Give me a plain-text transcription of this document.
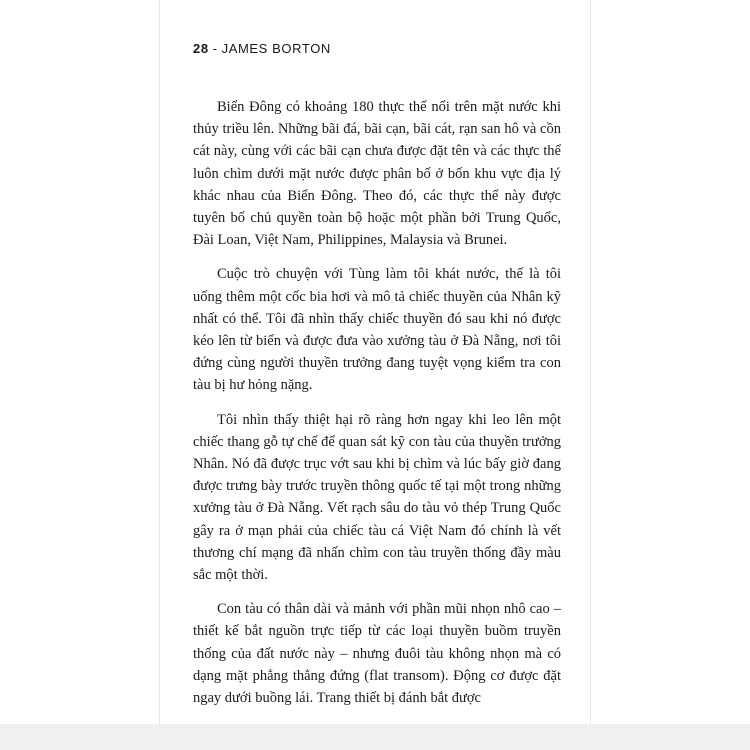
28 - JAMES BORTON

Biển Đông có khoảng 180 thực thể nổi trên mặt nước khi thủy triều lên. Những bãi đá, bãi cạn, bãi cát, rạn san hô và cồn cát này, cùng với các bãi cạn chưa được đặt tên và các thực thể luôn chìm dưới mặt nước được phân bố ở bốn khu vực địa lý khác nhau của Biển Đông. Theo đó, các thực thể này được tuyên bố chủ quyền toàn bộ hoặc một phần bởi Trung Quốc, Đài Loan, Việt Nam, Philippines, Malaysia và Brunei.

Cuộc trò chuyện với Tùng làm tôi khát nước, thế là tôi uống thêm một cốc bia hơi và mô tả chiếc thuyền của Nhân kỹ nhất có thể. Tôi đã nhìn thấy chiếc thuyền đó sau khi nó được kéo lên từ biển và được đưa vào xưởng tàu ở Đà Nẵng, nơi tôi đứng cùng người thuyền trưởng đang tuyệt vọng kiểm tra con tàu bị hư hỏng nặng.

Tôi nhìn thấy thiệt hại rõ ràng hơn ngay khi leo lên một chiếc thang gỗ tự chế để quan sát kỹ con tàu của thuyền trưởng Nhân. Nó đã được trục vớt sau khi bị chìm và lúc bấy giờ đang được trưng bày trước truyền thông quốc tế tại một trong những xưởng tàu ở Đà Nẵng. Vết rạch sâu do tàu vỏ thép Trung Quốc gây ra ở mạn phải của chiếc tàu cá Việt Nam đó chính là vết thương chí mạng đã nhấn chìm con tàu truyền thống đầy màu sắc một thời.

Con tàu có thân dài và mảnh với phần mũi nhọn nhô cao – thiết kế bắt nguồn trực tiếp từ các loại thuyền buồm truyền thống của đất nước này – nhưng đuôi tàu không nhọn mà có dạng mặt phẳng thẳng đứng (flat transom). Động cơ được đặt ngay dưới buồng lái. Trang thiết bị đánh bắt được
